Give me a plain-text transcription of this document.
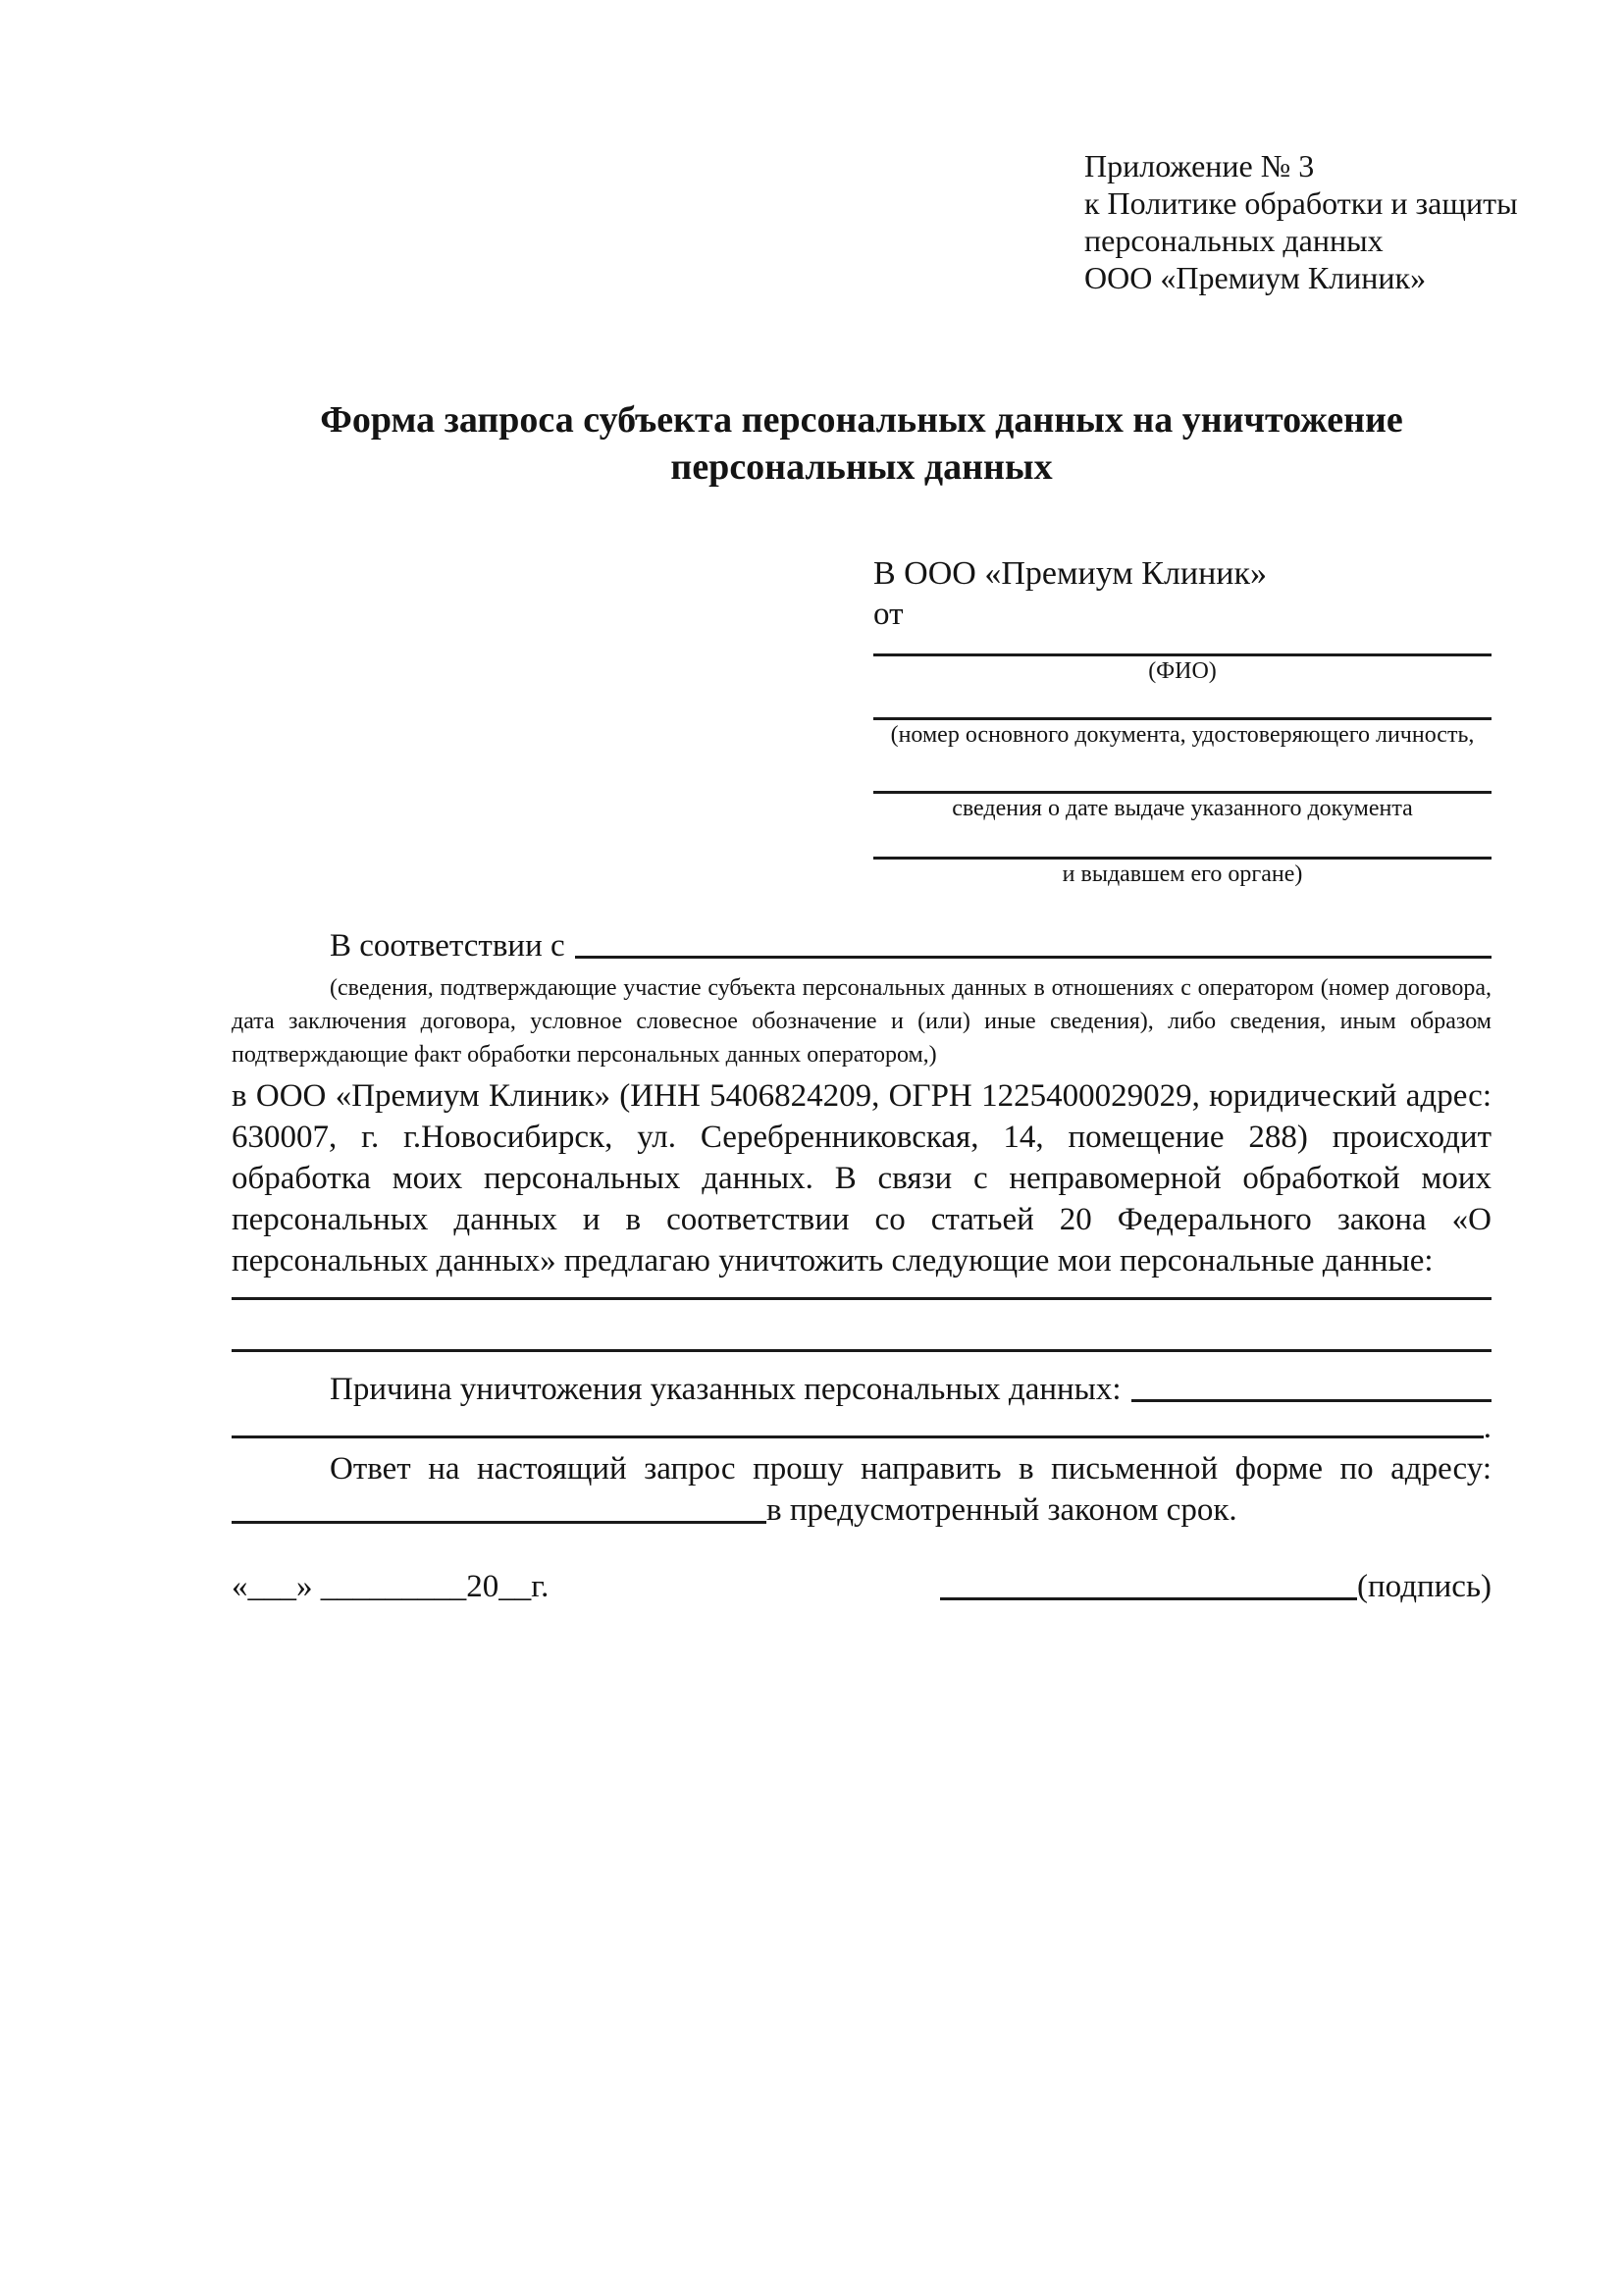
Приложение № 3
к Политике обработки и защиты
персональных данных
ООО «Премиум Клиник»
Форма запроса субъекта персональных данных на уничтожение
персональных данных
В ООО «Премиум Клиник»
от
(ФИО)
(номер основного документа, удостоверяющего личность,
сведения о дате выдаче указанного документа
и выдавшем его органе)
В соответствии с

(сведения, подтверждающие участие субъекта персональных данных в отношениях с оператором (номер договора, дата заключения договора, условное словесное обозначение и (или) иные сведения), либо сведения, иным образом подтверждающие факт обработки персональных данных оператором,)

в ООО «Премиум Клиник» (ИНН 5406824209, ОГРН 1225400029029, юридический адрес: 630007, г. г.Новосибирск, ул. Серебренниковская, 14, помещение 288) происходит обработка моих персональных данных. В связи с неправомерной обработкой моих персональных данных и в соответствии со статьей 20 Федерального закона «О персональных данных» предлагаю уничтожить следующие мои персональные данные:

Причина уничтожения указанных персональных данных:
.

Ответ на настоящий запрос прошу направить в письменной форме по адресу:

в предусмотренный законом срок.
«___» _________20__г.	(подпись)
